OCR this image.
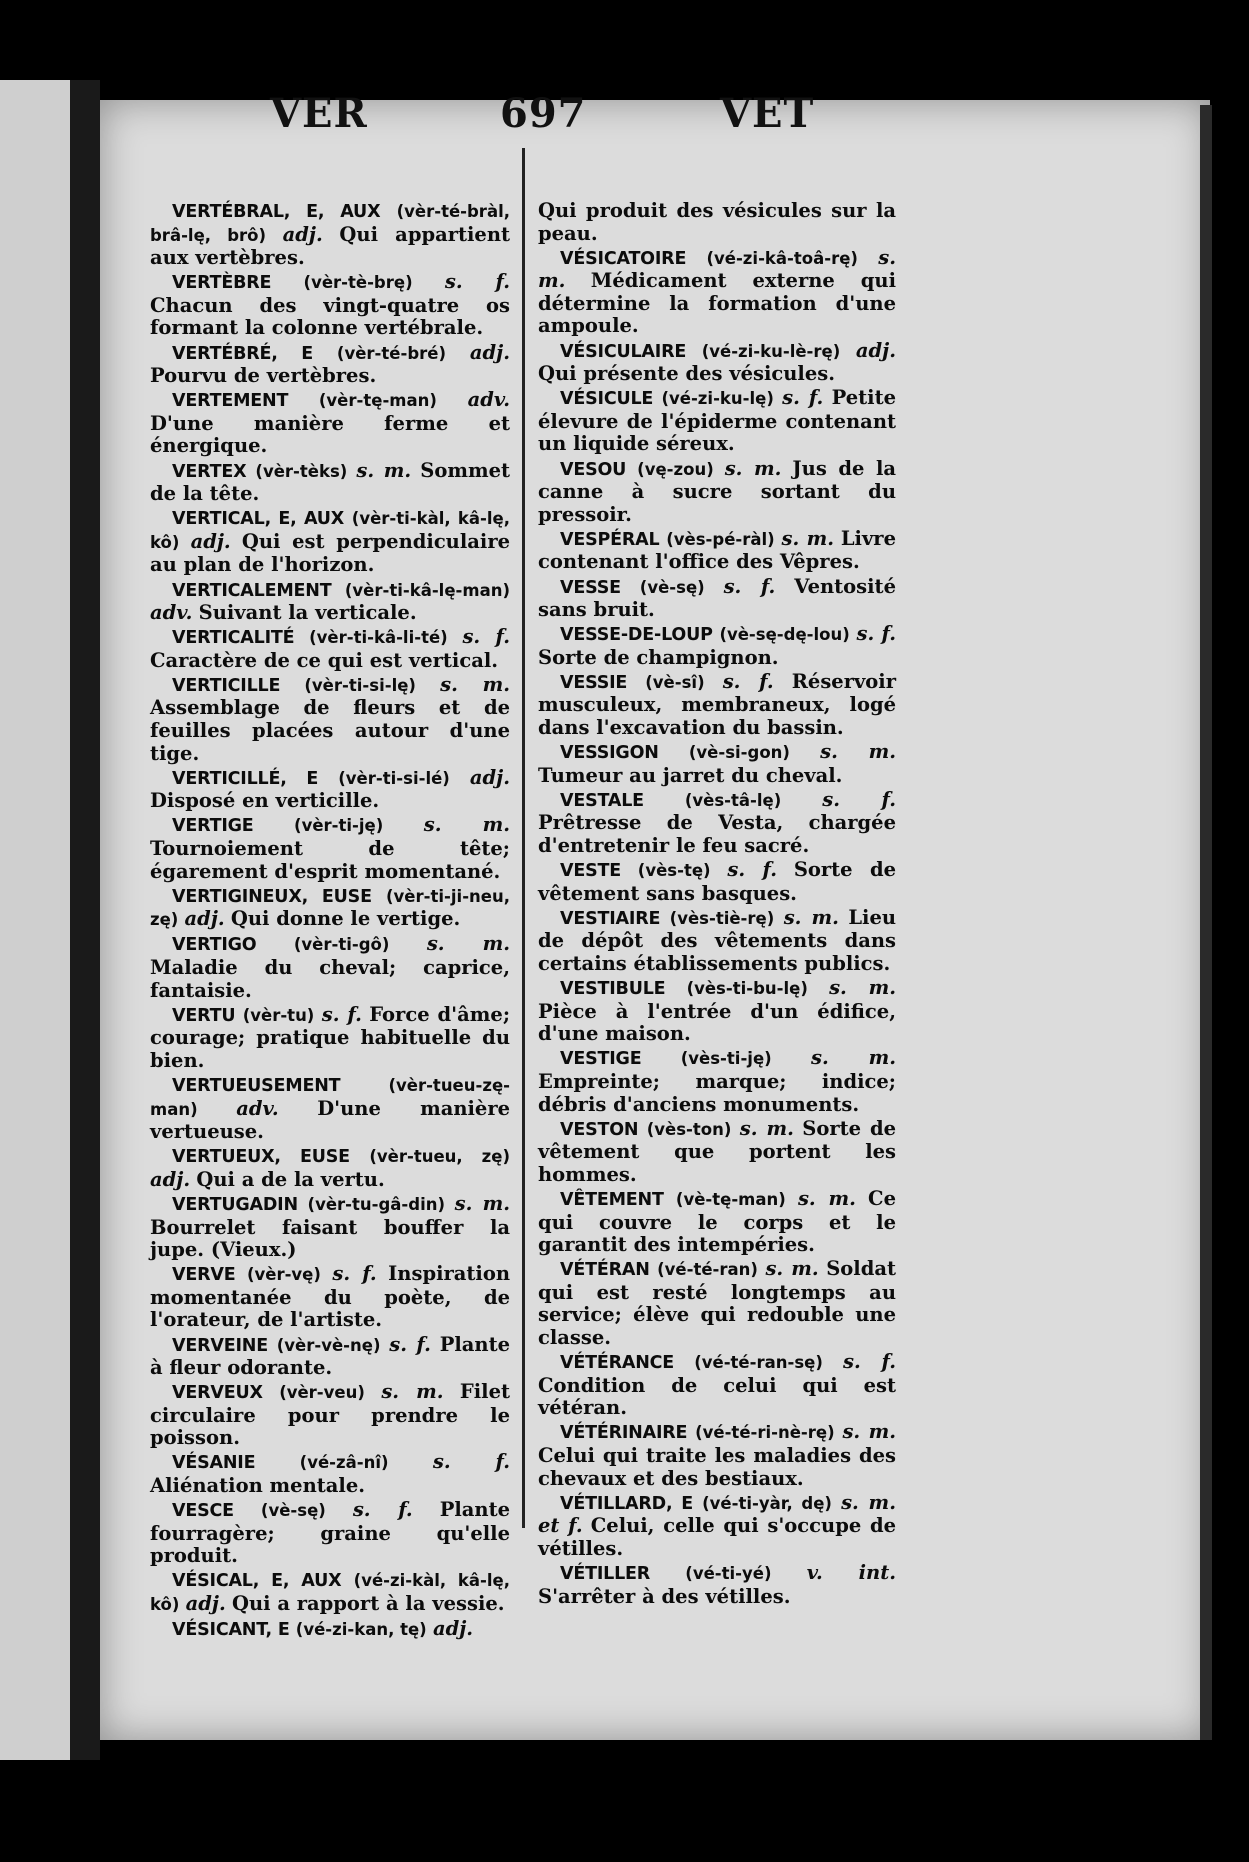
VER	697	VET

VERTÉBRAL, E, AUX (vèr-té-bràl, brâ-lę, brô) adj. Qui appartient aux vertèbres.

VERTÈBRE (vèr-tè-brę) s. f. Chacun des vingt-quatre os formant la colonne vertébrale.

VERTÉBRÉ, E (vèr-té-bré) adj. Pourvu de vertèbres.

VERTEMENT (vèr-tę-man) adv. D'une manière ferme et énergique.

VERTEX (vèr-tèks) s. m. Sommet de la tête.

VERTICAL, E, AUX (vèr-ti-kàl, kâ-lę, kô) adj. Qui est perpendiculaire au plan de l'horizon.

VERTICALEMENT (vèr-ti-kâ-lę-man) adv. Suivant la verticale.

VERTICALITÉ (vèr-ti-kâ-li-té) s. f. Caractère de ce qui est vertical.

VERTICILLE (vèr-ti-si-lę) s. m. Assemblage de fleurs et de feuilles placées autour d'une tige.

VERTICILLÉ, E (vèr-ti-si-lé) adj. Disposé en verticille.

VERTIGE (vèr-ti-ję) s. m. Tournoiement de tête; égarement d'esprit momentané.

VERTIGINEUX, EUSE (vèr-ti-ji-neu, zę) adj. Qui donne le vertige.

VERTIGO (vèr-ti-gô) s. m. Maladie du cheval; caprice, fantaisie.

VERTU (vèr-tu) s. f. Force d'âme; courage; pratique habituelle du bien.

VERTUEUSEMENT	(vèr-tueu-zę-man) adv. D'une manière vertueuse.

VERTUEUX, EUSE (vèr-tueu, zę) adj. Qui a de la vertu.

VERTUGADIN (vèr-tu-gâ-din) s. m. Bourrelet faisant bouffer la jupe. (Vieux.)

VERVE (vèr-vę) s. f. Inspiration momentanée du poète, de l'orateur, de l'artiste.

VERVEINE (vèr-vè-nę) s. f. Plante à fleur odorante.

VERVEUX (vèr-veu) s. m. Filet circulaire pour prendre le poisson.

VÉSANIE	(vé-zâ-nî) s. f. Aliénation mentale.

VESCE (vè-sę) s. f. Plante fourragère; graine qu'elle produit.

VÉSICAL, E, AUX (vé-zi-kàl, kâ-lę, kô) adj. Qui a rapport à la vessie.

VÉSICANT, E (vé-zi-kan, tę) adj.

Qui produit des vésicules sur la peau.

VÉSICATOIRE (vé-zi-kâ-toâ-rę) s. m. Médicament externe qui détermine la formation d'une ampoule.

VÉSICULAIRE (vé-zi-ku-lè-rę) adj. Qui présente des vésicules.

VÉSICULE (vé-zi-ku-lę) s. f. Petite élevure de l'épiderme contenant un liquide séreux.

VESOU (vę-zou) s. m. Jus de la canne à sucre sortant du pressoir.

VESPÉRAL (vès-pé-ràl) s. m. Livre contenant l'office des Vêpres.

VESSE (vè-sę) s. f. Ventosité sans bruit.

VESSE-DE-LOUP (vè-sę-dę-lou) s. f. Sorte de champignon.

VESSIE (vè-sî) s. f. Réservoir musculeux, membraneux, logé dans l'excavation du bassin.

VESSIGON (vè-si-gon) s. m. Tumeur au jarret du cheval.

VESTALE (vès-tâ-lę) s. f. Prêtresse de Vesta, chargée d'entretenir le feu sacré.

VESTE (vès-tę) s. f. Sorte de vêtement sans basques.

VESTIAIRE (vès-tiè-rę) s. m. Lieu de dépôt des vêtements dans certains établissements publics.

VESTIBULE (vès-ti-bu-lę) s. m. Pièce à l'entrée d'un édifice, d'une maison.

VESTIGE (vès-ti-ję) s. m. Empreinte; marque; indice; débris d'anciens monuments.

VESTON (vès-ton) s. m. Sorte de vêtement que portent les hommes.

VÊTEMENT (vè-tę-man) s. m. Ce qui couvre le corps et le garantit des intempéries.

VÉTÉRAN (vé-té-ran) s. m. Soldat qui est resté longtemps au service; élève qui redouble une classe.

VÉTÉRANCE (vé-té-ran-sę) s. f. Condition de celui qui est vétéran.

VÉTÉRINAIRE (vé-té-ri-nè-rę) s. m. Celui qui traite les maladies des chevaux et des bestiaux.

VÉTILLARD, E (vé-ti-yàr, dę) s. m. et f. Celui, celle qui s'occupe de vétilles.

VÉTILLER (vé-ti-yé) v. int. S'arrêter à des vétilles.
